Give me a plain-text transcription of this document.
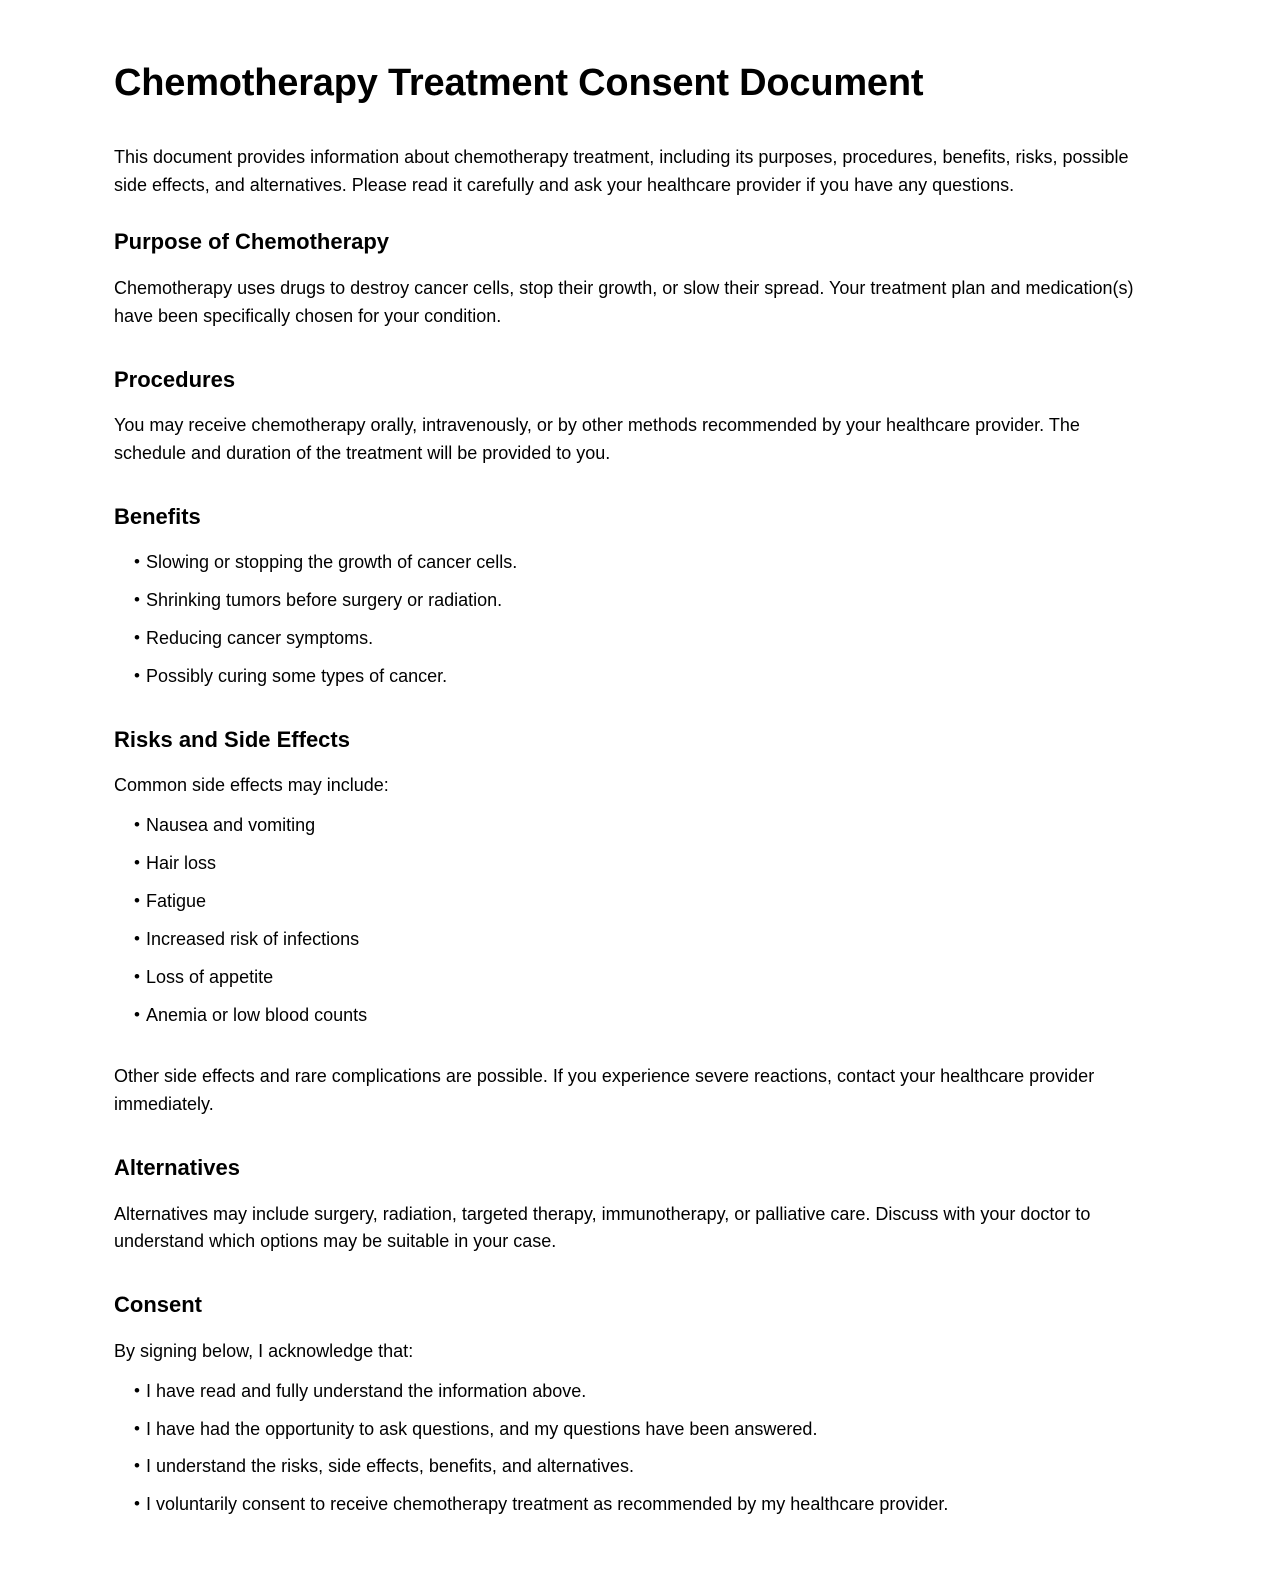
Chemotherapy Treatment Consent Document

This document provides information about chemotherapy treatment, including its purposes, procedures, benefits, risks, possible side effects, and alternatives. Please read it carefully and ask your healthcare provider if you have any questions.

Purpose of Chemotherapy

Chemotherapy uses drugs to destroy cancer cells, stop their growth, or slow their spread. Your treatment plan and medication(s) have been specifically chosen for your condition.

Procedures

You may receive chemotherapy orally, intravenously, or by other methods recommended by your healthcare provider. The schedule and duration of the treatment will be provided to you.

Benefits
• Slowing or stopping the growth of cancer cells.
• Shrinking tumors before surgery or radiation.
• Reducing cancer symptoms.
• Possibly curing some types of cancer.
Risks and Side Effects

Common side effects may include:

• Nausea and vomiting
• Hair loss
• Fatigue
• Increased risk of infections
• Loss of appetite
• Anemia or low blood counts

Other side effects and rare complications are possible. If you experience severe reactions, contact your healthcare provider immediately.

Alternatives

Alternatives may include surgery, radiation, targeted therapy, immunotherapy, or palliative care. Discuss with your doctor to understand which options may be suitable in your case.

Consent

By signing below, I acknowledge that:

• I have read and fully understand the information above.
• I have had the opportunity to ask questions, and my questions have been answered.
• I understand the risks, side effects, benefits, and alternatives.
• I voluntarily consent to receive chemotherapy treatment as recommended by my healthcare provider.
